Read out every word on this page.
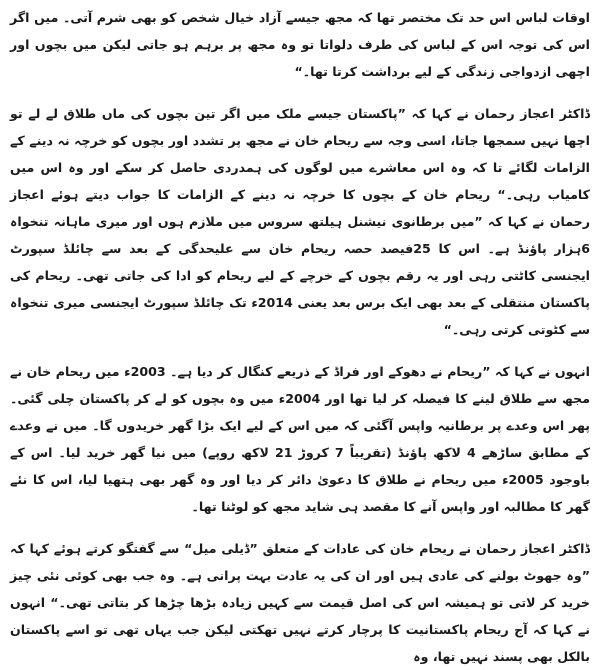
اوقات لباس اس حد تک مختصر تھا کہ مجھ جیسے آزاد خیال شخص کو بھی شرم آتی۔ میں اگر اس کی توجہ اس کے لباس کی طرف دلواتا تو وہ مجھ پر برہم ہو جاتی لیکن میں بچوں اور اچھی ازدواجی زندگی کے لیے برداشت کرتا تھا۔“

ڈاکٹر اعجاز رحمان نے کہا کہ ”پاکستان جیسے ملک میں اگر تین بچوں کی ماں طلاق لے لے تو اچھا نہیں سمجھا جاتا، اسی وجہ سے ریحام خان نے مجھ پر تشدد اور بچوں کو خرچہ نہ دینے کے الزامات لگائے تا کہ وہ اس معاشرے میں لوگوں کی ہمدردی حاصل کر سکے اور وہ اس میں کامیاب رہی۔“ ریحام خان کے بچوں کا خرچہ نہ دینے کے الزامات کا جواب دیتے ہوئے اعجاز رحمان نے کہا کہ ”میں برطانوی نیشنل ہیلتھ سروس میں ملازم ہوں اور میری ماہانہ تنخواہ 6ہزار پاؤنڈ ہے۔ اس کا 25فیصد حصہ ریحام خان سے علیحدگی کے بعد سے چائلڈ سپورٹ ایجنسی کاٹتی رہی اور یہ رقم بچوں کے خرچے کے لیے ریحام کو ادا کی جاتی تھی۔ ریحام کی پاکستان منتقلی کے بعد بھی ایک برس بعد یعنی 2014ء تک چائلڈ سپورٹ ایجنسی میری تنخواہ سے کٹوتی کرتی رہی۔“

انہوں نے کہا کہ ”ریحام نے دھوکے اور فراڈ کے ذریعے کنگال کر دیا ہے۔ 2003ء میں ریحام خان نے مجھ سے طلاق لینے کا فیصلہ کر لیا تھا اور 2004ء میں وہ بچوں کو لے کر پاکستان چلی گئی۔ پھر اس وعدے پر برطانیہ واپس آگئی کہ میں اس کے لیے ایک بڑا گھر خریدوں گا۔ میں نے وعدے کے مطابق ساڑھے 4 لاکھ پاؤنڈ (تقریباً 7 کروڑ 21 لاکھ روپے) میں نیا گھر خرید لیا۔ اس کے باوجود 2005ء میں ریحام نے طلاق کا دعویٰ دائر کر دیا اور وہ گھر بھی ہتھیا لیا، اس کا نئے گھر کا مطالبہ اور واپس آنے کا مقصد ہی شاید مجھ کو لوٹنا تھا۔

ڈاکٹر اعجاز رحمان نے ریحام خان کی عادات کے متعلق ”ڈیلی میل“ سے گفتگو کرتے ہوئے کہا کہ ”وہ جھوٹ بولنے کی عادی ہیں اور ان کی یہ عادت بہت پرانی ہے۔ وہ جب بھی کوئی نئی چیز خرید کر لاتی تو ہمیشہ اس کی اصل قیمت سے کہیں زیادہ بڑھا چڑھا کر بتاتی تھی۔“ انہوں نے کہا کہ آج ریحام پاکستانیت کا پرچار کرتے نہیں تھکتی لیکن جب یہاں تھی تو اسے پاکستان بالکل بھی پسند نہیں تھا، وہ
